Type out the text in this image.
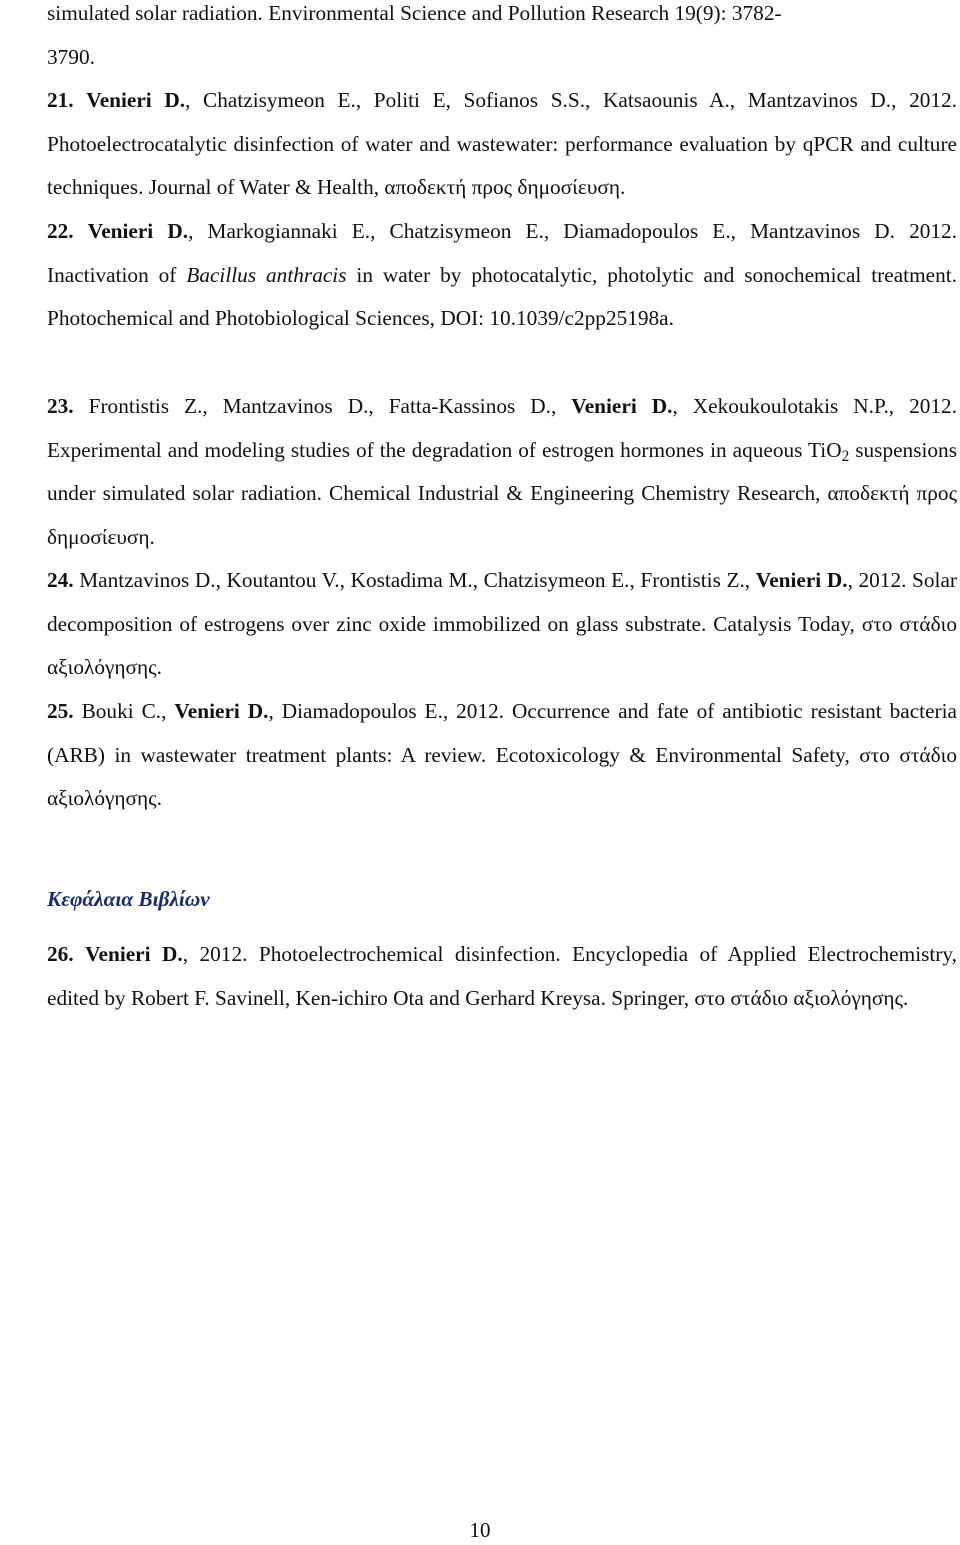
simulated solar radiation. Environmental Science and Pollution Research 19(9): 3782-
3790.

21. Venieri D., Chatzisymeon E., Politi E, Sofianos S.S., Katsaounis A., Mantzavinos D., 2012. Photoelectrocatalytic disinfection of water and wastewater: performance evaluation by qPCR and culture techniques. Journal of Water & Health, αποδεκτή προς δημοσίευση.

22. Venieri D., Markogiannaki E., Chatzisymeon E., Diamadopoulos E., Mantzavinos D. 2012. Inactivation of Bacillus anthracis in water by photocatalytic, photolytic and sonochemical treatment. Photochemical and Photobiological Sciences, DOI: 10.1039/c2pp25198a.

23. Frontistis Z., Mantzavinos D., Fatta-Kassinos D., Venieri D., Xekoukoulotakis N.P., 2012. Experimental and modeling studies of the degradation of estrogen hormones in aqueous TiO$_2$ suspensions under simulated solar radiation. Chemical Industrial & Engineering Chemistry Research, αποδεκτή προς δημοσίευση.

24. Mantzavinos D., Koutantou V., Kostadima M., Chatzisymeon E., Frontistis Z., Venieri D., 2012. Solar decomposition of estrogens over zinc oxide immobilized on glass substrate. Catalysis Today, στο στάδιο αξιολόγησης.

25. Bouki C., Venieri D., Diamadopoulos E., 2012. Occurrence and fate of antibiotic resistant bacteria (ARB) in wastewater treatment plants: A review. Ecotoxicology & Environmental Safety, στο στάδιο αξιολόγησης.

Κεφάλαια Βιβλίων

26. Venieri D., 2012. Photoelectrochemical disinfection. Encyclopedia of Applied Electrochemistry, edited by Robert F. Savinell, Ken-ichiro Ota and Gerhard Kreysa. Springer, στο στάδιο αξιολόγησης.

10
